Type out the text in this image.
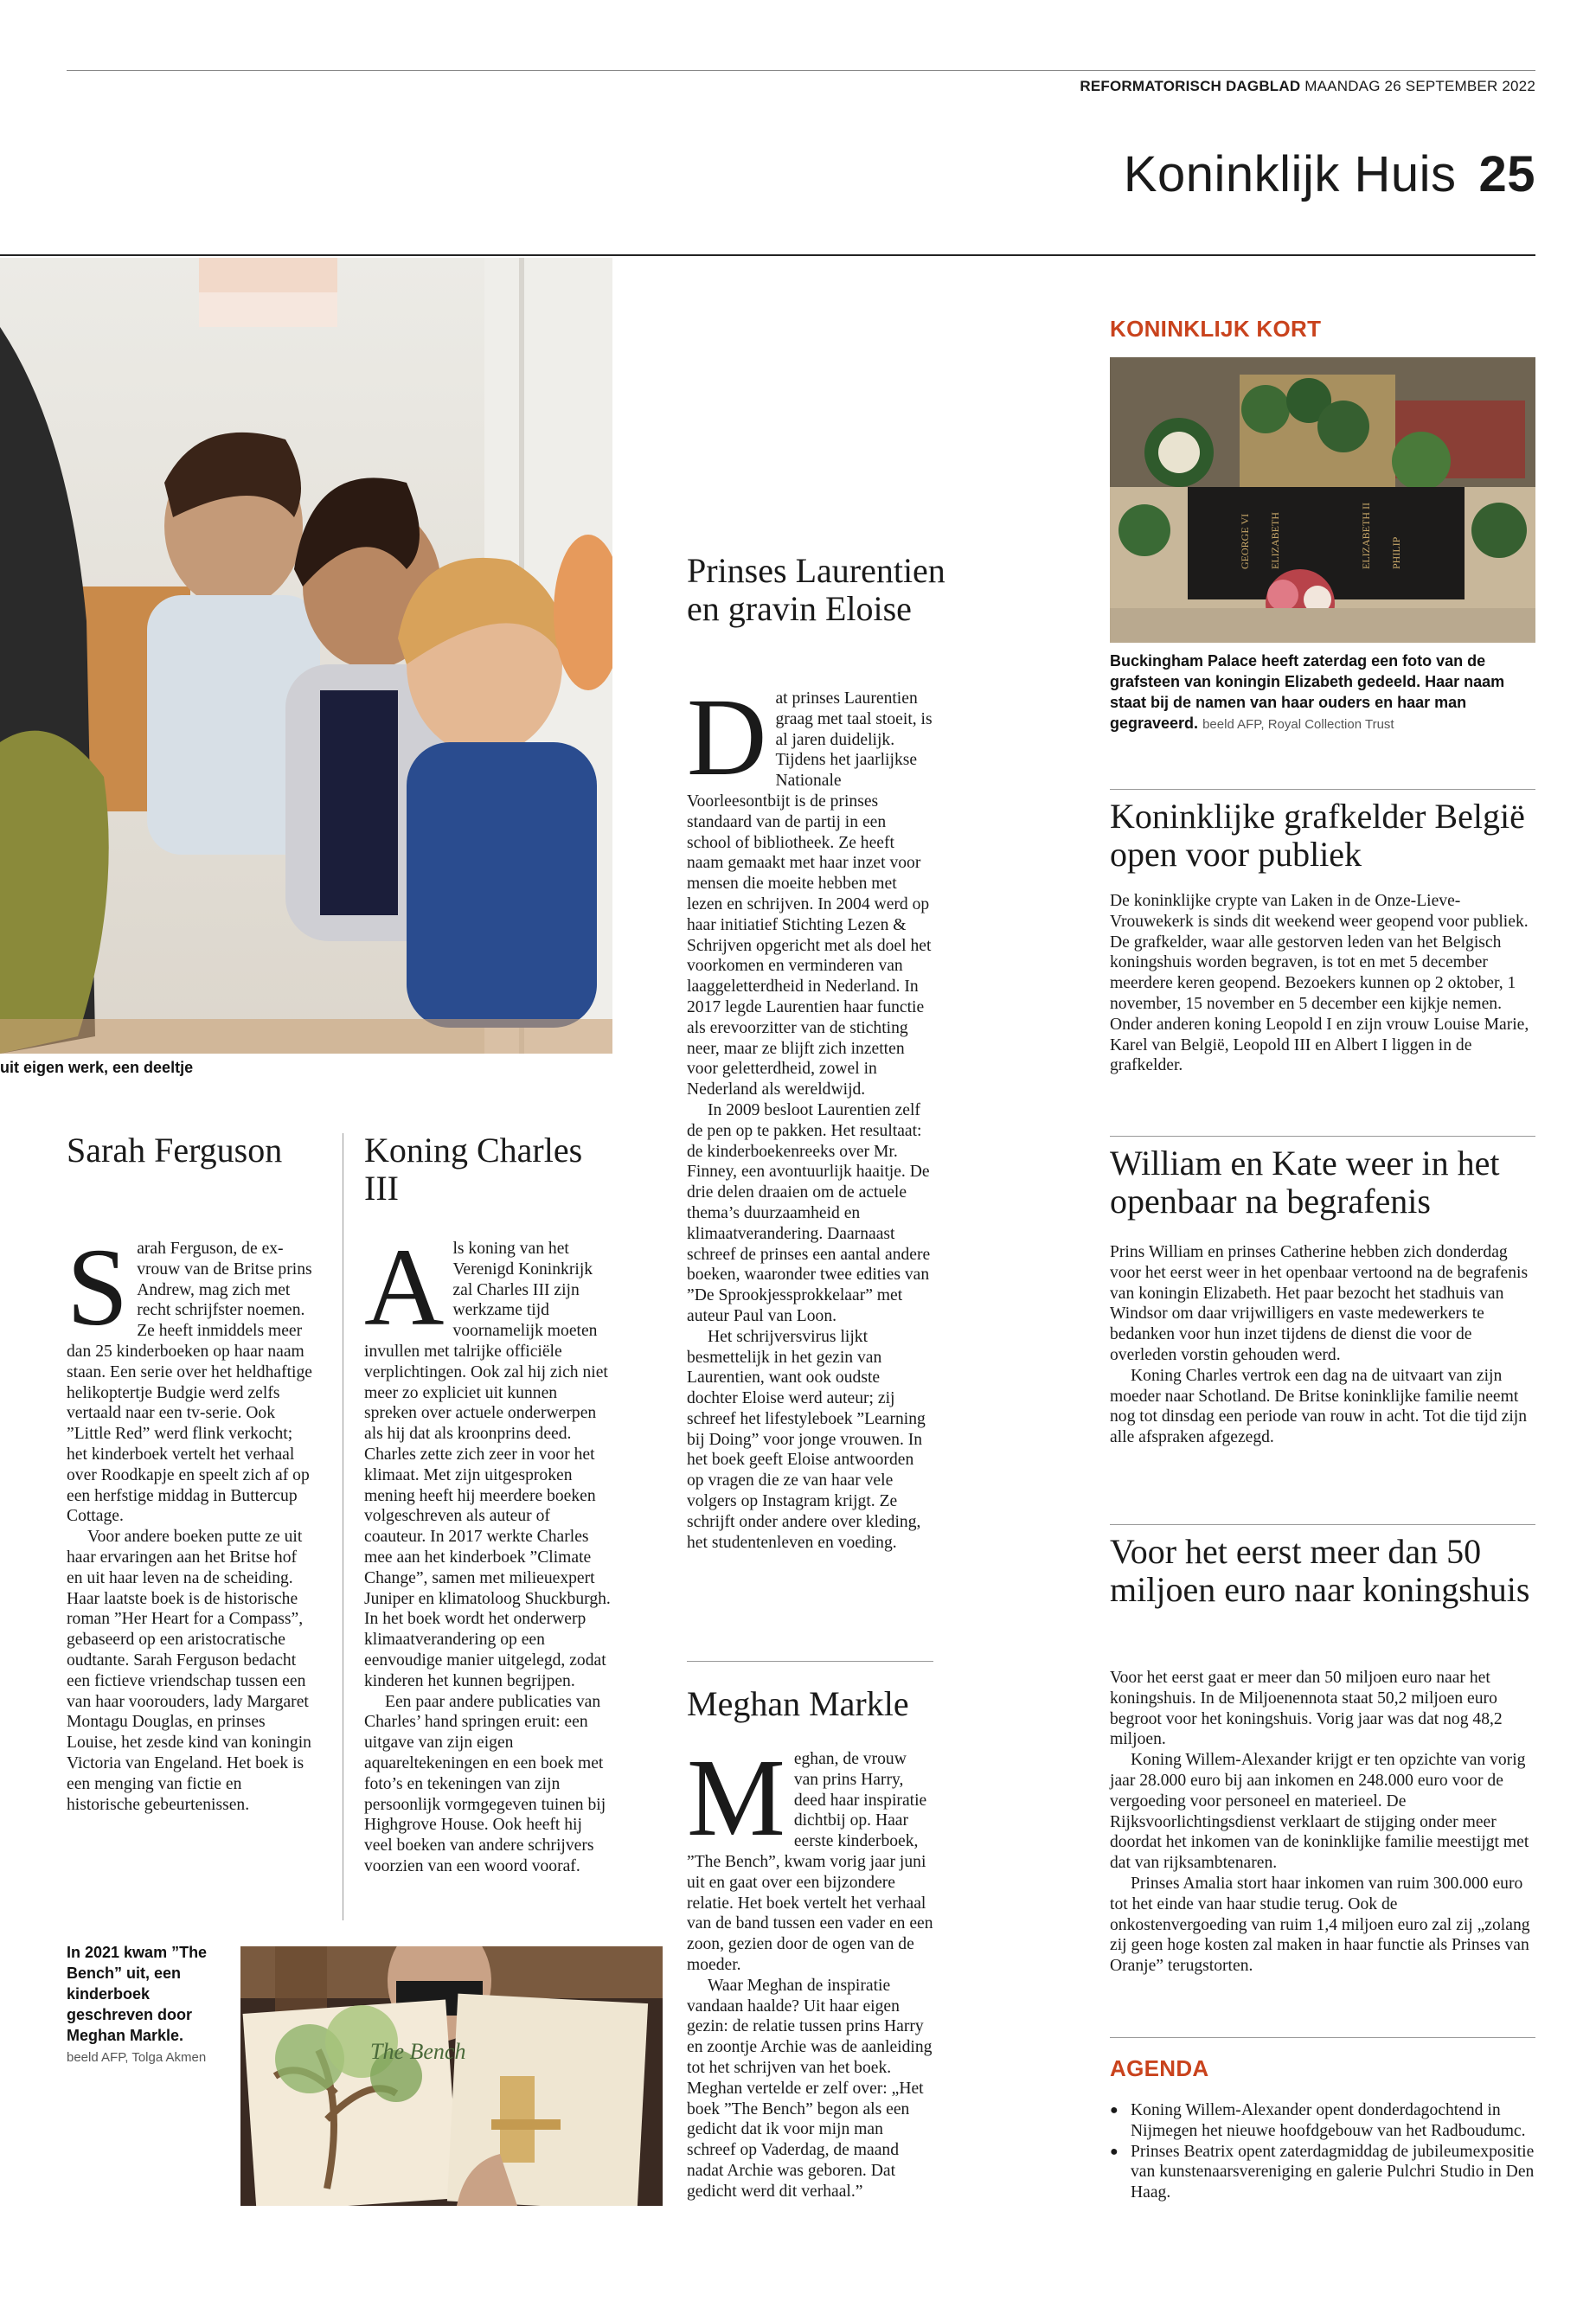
REFORMATORISCH DAGBLAD MAANDAG 26 SEPTEMBER 2022
Koninklijk Huis 25
uit eigen werk, een deeltje
Sarah Ferguson

Sarah Ferguson, de ex-vrouw van de Britse prins Andrew, mag zich met recht schrijfster noemen. Ze heeft inmiddels meer dan 25 kinderboeken op haar naam staan. Een serie over het heldhaftige helikoptertje Budgie werd zelfs vertaald naar een tv-serie. Ook ”Little Red” werd flink verkocht; het kinderboek vertelt het verhaal over Roodkapje en speelt zich af op een herfstige middag in Buttercup Cottage.

Voor andere boeken putte ze uit haar ervaringen aan het Britse hof en uit haar leven na de scheiding. Haar laatste boek is de historische roman ”Her Heart for a Compass”, gebaseerd op een aristocratische oudtante. Sarah Ferguson bedacht een fictieve vriendschap tussen een van haar voorouders, lady Margaret Montagu Douglas, en prinses Louise, het zesde kind van koningin Victoria van Engeland. Het boek is een menging van fictie en historische gebeurtenissen.

Koning Charles III

Als koning van het Verenigd Koninkrijk zal Charles III zijn werkzame tijd voornamelijk moeten invullen met talrijke officiële verplichtingen. Ook zal hij zich niet meer zo expliciet uit kunnen spreken over actuele onderwerpen als hij dat als kroonprins deed. Charles zette zich zeer in voor het klimaat. Met zijn uitgesproken mening heeft hij meerdere boeken volgeschreven als auteur of coauteur. In 2017 werkte Charles mee aan het kinderboek ”Climate Change”, samen met milieuexpert Juniper en klimatoloog Shuckburgh. In het boek wordt het onderwerp klimaatverandering op een eenvoudige manier uitgelegd, zodat kinderen het kunnen begrijpen.

Een paar andere publicaties van Charles’ hand springen eruit: een uitgave van zijn eigen aquareltekeningen en een boek met foto’s en tekeningen van zijn persoonlijk vormgegeven tuinen bij Highgrove House. Ook heeft hij veel boeken van andere schrijvers voorzien van een woord vooraf.

In 2021 kwam ”The Bench” uit, een kinderboek geschreven door Meghan Markle. beeld AFP, Tolga Akmen	The Bench
Prinses Laurentien en gravin Eloise

Dat prinses Laurentien graag met taal stoeit, is al jaren duidelijk. Tijdens het jaarlijkse Nationale Voorleesontbijt is de prinses standaard van de partij in een school of bibliotheek. Ze heeft naam gemaakt met haar inzet voor mensen die moeite hebben met lezen en schrijven. In 2004 werd op haar initiatief Stichting Lezen & Schrijven opgericht met als doel het voorkomen en verminderen van laaggeletterdheid in Nederland. In 2017 legde Laurentien haar functie als erevoorzitter van de stichting neer, maar ze blijft zich inzetten voor geletterdheid, zowel in Nederland als wereldwijd.

In 2009 besloot Laurentien zelf de pen op te pakken. Het resultaat: de kinderboekenreeks over Mr. Finney, een avontuurlijk haaitje. De drie delen draaien om de actuele thema’s duurzaamheid en klimaatverandering. Daarnaast schreef de prinses een aantal andere boeken, waaronder twee edities van ”De Sprookjessprokkelaar” met auteur Paul van Loon.

Het schrijversvirus lijkt besmettelijk in het gezin van Laurentien, want ook oudste dochter Eloise werd auteur; zij schreef het lifestyleboek ”Learning bij Doing” voor jonge vrouwen. In het boek geeft Eloise antwoorden op vragen die ze van haar vele volgers op Instagram krijgt. Ze schrijft onder andere over kleding, het studentenleven en voeding.

Meghan Markle

Meghan, de vrouw van prins Harry, deed haar inspiratie dichtbij op. Haar eerste kinderboek, ”The Bench”, kwam vorig jaar juni uit en gaat over een bijzondere relatie. Het boek vertelt het verhaal van de band tussen een vader en een zoon, gezien door de ogen van de moeder.

Waar Meghan de inspiratie vandaan haalde? Uit haar eigen gezin: de relatie tussen prins Harry en zoontje Archie was de aanleiding tot het schrijven van het boek. Meghan vertelde er zelf over: „Het boek ”The Bench” begon als een gedicht dat ik voor mijn man schreef op Vaderdag, de maand nadat Archie was geboren. Dat gedicht werd dit verhaal.”

KONINKLIJK KORT
GEORGE VI ELIZABETH	ELIZABETH II PHILIP
Buckingham Palace heeft zaterdag een foto van de grafsteen van koningin Elizabeth gedeeld. Haar naam staat bij de namen van haar ouders en haar man gegraveerd. beeld AFP, Royal Collection Trust
Koninklijke grafkelder België open voor publiek

De koninklijke crypte van Laken in de Onze-Lieve-Vrouwekerk is sinds dit weekend weer geopend voor publiek. De grafkelder, waar alle gestorven leden van het Belgisch koningshuis worden begraven, is tot en met 5 december meerdere keren geopend. Bezoekers kunnen op 2 oktober, 1 november, 15 november en 5 december een kijkje nemen. Onder anderen koning Leopold I en zijn vrouw Louise Marie, Karel van België, Leopold III en Albert I liggen in de grafkelder.

William en Kate weer in het openbaar na begrafenis

Prins William en prinses Catherine hebben zich donderdag voor het eerst weer in het openbaar vertoond na de begrafenis van koningin Elizabeth. Het paar bezocht het stadhuis van Windsor om daar vrijwilligers en vaste medewerkers te bedanken voor hun inzet tijdens de dienst die voor de overleden vorstin gehouden werd.

Koning Charles vertrok een dag na de uitvaart van zijn moeder naar Schotland. De Britse koninklijke familie neemt nog tot dinsdag een periode van rouw in acht. Tot die tijd zijn alle afspraken afgezegd.

Voor het eerst meer dan 50 miljoen euro naar koningshuis

Voor het eerst gaat er meer dan 50 miljoen euro naar het koningshuis. In de Miljoenennota staat 50,2 miljoen euro begroot voor het koningshuis. Vorig jaar was dat nog 48,2 miljoen.

Koning Willem-Alexander krijgt er ten opzichte van vorig jaar 28.000 euro bij aan inkomen en 248.000 euro voor de vergoeding voor personeel en materieel. De Rijksvoorlichtingsdienst verklaart de stijging onder meer doordat het inkomen van de koninklijke familie meestijgt met dat van rijksambtenaren.

Prinses Amalia stort haar inkomen van ruim 300.000 euro tot het einde van haar studie terug. Ook de onkostenvergoeding van ruim 1,4 miljoen euro zal zij „zolang zij geen hoge kosten zal maken in haar functie als Prinses van Oranje” terugstorten.

AGENDA

● Koning Willem-Alexander opent donderdagochtend in Nijmegen het nieuwe hoofdgebouw van het Radboudumc.

● Prinses Beatrix opent zaterdagmiddag de jubileumexpositie van kunstenaarsvereniging en galerie Pulchri Studio in Den Haag.
